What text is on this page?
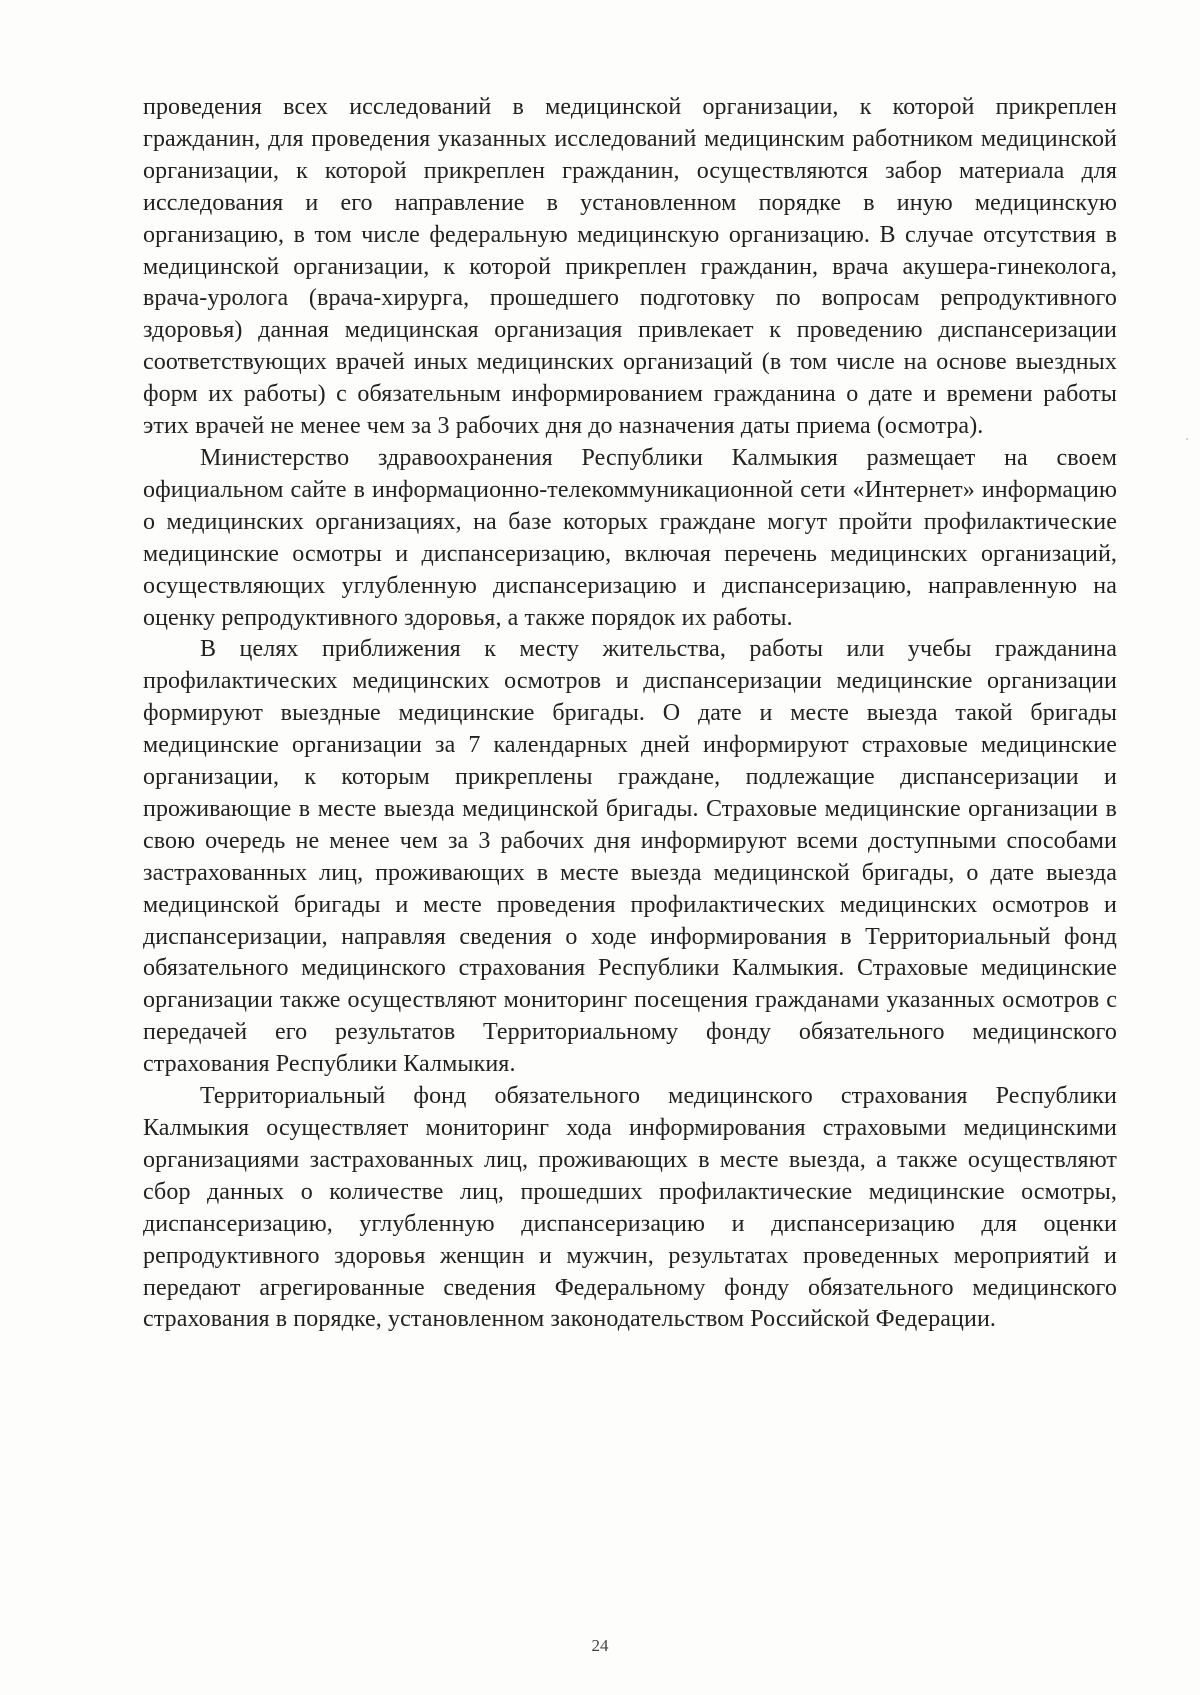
проведения всех исследований в медицинской организации, к которой прикреплен гражданин, для проведения указанных исследований медицинским работником медицинской организации, к которой прикреплен гражданин, осуществляются забор материала для исследования и его направление в установленном порядке в иную медицинскую организацию, в том числе федеральную медицинскую организацию. В случае отсутствия в медицинской организации, к которой прикреплен гражданин, врача акушера-гинеколога, врача-уролога (врача-хирурга, прошедшего подготовку по вопросам репродуктивного здоровья) данная медицинская организация привлекает к проведению диспансеризации соответствующих врачей иных медицинских организаций (в том числе на основе выездных форм их работы) с обязательным информированием гражданина о дате и времени работы этих врачей не менее чем за 3 рабочих дня до назначения даты приема (осмотра).

Министерство здравоохранения Республики Калмыкия размещает на своем официальном сайте в информационно-телекоммуникационной сети «Интернет» информацию о медицинских организациях, на базе которых граждане могут пройти профилактические медицинские осмотры и диспансеризацию, включая перечень медицинских организаций, осуществляющих углубленную диспансеризацию и диспансеризацию, направленную на оценку репродуктивного здоровья, а также порядок их работы.

В целях приближения к месту жительства, работы или учебы гражданина профилактических медицинских осмотров и диспансеризации медицинские организации формируют выездные медицинские бригады. О дате и месте выезда такой бригады медицинские организации за 7 календарных дней информируют страховые медицинские организации, к которым прикреплены граждане, подлежащие диспансеризации и проживающие в месте выезда медицинской бригады. Страховые медицинские организации в свою очередь не менее чем за 3 рабочих дня информируют всеми доступными способами застрахованных лиц, проживающих в месте выезда медицинской бригады, о дате выезда медицинской бригады и месте проведения профилактических медицинских осмотров и диспансеризации, направляя сведения о ходе информирования в Территориальный фонд обязательного медицинского страхования Республики Калмыкия. Страховые медицинские организации также осуществляют мониторинг посещения гражданами указанных осмотров с передачей его результатов Территориальному фонду обязательного медицинского страхования Республики Калмыкия.

Территориальный фонд обязательного медицинского страхования Республики Калмыкия осуществляет мониторинг хода информирования страховыми медицинскими организациями застрахованных лиц, проживающих в месте выезда, а также осуществляют сбор данных о количестве лиц, прошедших профилактические медицинские осмотры, диспансеризацию, углубленную диспансеризацию и диспансеризацию для оценки репродуктивного здоровья женщин и мужчин, результатах проведенных мероприятий и передают агрегированные сведения Федеральному фонду обязательного медицинского страхования в порядке, установленном законодательством Российской Федерации.

24
